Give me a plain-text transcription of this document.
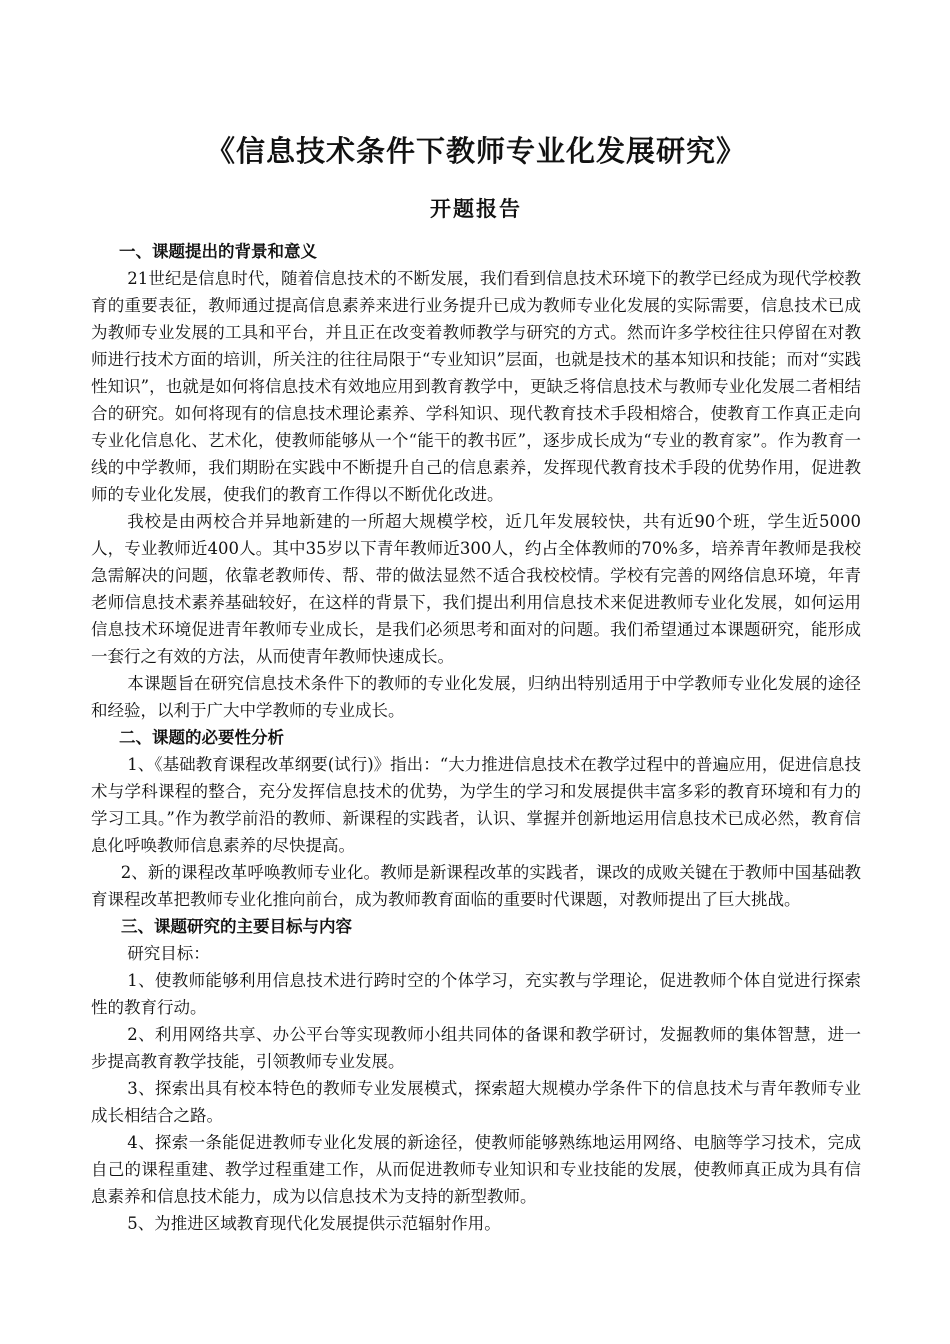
《信息技术条件下教师专业化发展研究》
开题报告
一、课题提出的背景和意义

21世纪是信息时代，随着信息技术的不断发展，我们看到信息技术环境下的教学已经成为现代学校教育的重要表征，教师通过提高信息素养来进行业务提升已成为教师专业化发展的实际需要，信息技术已成为教师专业发展的工具和平台，并且正在改变着教师教学与研究的方式。然而许多学校往往只停留在对教师进行技术方面的培训，所关注的往往局限于“专业知识”层面，也就是技术的基本知识和技能；而对“实践性知识”，也就是如何将信息技术有效地应用到教育教学中，更缺乏将信息技术与教师专业化发展二者相结合的研究。如何将现有的信息技术理论素养、学科知识、现代教育技术手段相熔合，使教育工作真正走向专业化信息化、艺术化，使教师能够从一个“能干的教书匠”，逐步成长成为“专业的教育家”。作为教育一线的中学教师，我们期盼在实践中不断提升自己的信息素养，发挥现代教育技术手段的优势作用，促进教师的专业化发展，使我们的教育工作得以不断优化改进。

我校是由两校合并异地新建的一所超大规模学校，近几年发展较快，共有近90个班，学生近5000人，专业教师近400人。其中35岁以下青年教师近300人，约占全体教师的70%多，培养青年教师是我校急需解决的问题，依靠老教师传、帮、带的做法显然不适合我校校情。学校有完善的网络信息环境，年青老师信息技术素养基础较好，在这样的背景下，我们提出利用信息技术来促进教师专业化发展，如何运用信息技术环境促进青年教师专业成长，是我们必须思考和面对的问题。我们希望通过本课题研究，能形成一套行之有效的方法，从而使青年教师快速成长。

本课题旨在研究信息技术条件下的教师的专业化发展，归纳出特别适用于中学教师专业化发展的途径和经验，以利于广大中学教师的专业成长。

二、课题的必要性分析

1、《基础教育课程改革纲要(试行)》指出：“大力推进信息技术在教学过程中的普遍应用，促进信息技术与学科课程的整合，充分发挥信息技术的优势，为学生的学习和发展提供丰富多彩的教育环境和有力的学习工具。”作为教学前沿的教师、新课程的实践者，认识、掌握并创新地运用信息技术已成必然，教育信息化呼唤教师信息素养的尽快提高。

2、新的课程改革呼唤教师专业化。教师是新课程改革的实践者，课改的成败关键在于教师中国基础教育课程改革把教师专业化推向前台，成为教师教育面临的重要时代课题，对教师提出了巨大挑战。

三、课题研究的主要目标与内容

研究目标：

1、使教师能够利用信息技术进行跨时空的个体学习，充实教与学理论，促进教师个体自觉进行探索性的教育行动。

2、利用网络共享、办公平台等实现教师小组共同体的备课和教学研讨，发掘教师的集体智慧，进一步提高教育教学技能，引领教师专业发展。

3、探索出具有校本特色的教师专业发展模式，探索超大规模办学条件下的信息技术与青年教师专业成长相结合之路。

4、探索一条能促进教师专业化发展的新途径，使教师能够熟练地运用网络、电脑等学习技术，完成自己的课程重建、教学过程重建工作，从而促进教师专业知识和专业技能的发展，使教师真正成为具有信息素养和信息技术能力，成为以信息技术为支持的新型教师。

5、为推进区域教育现代化发展提供示范辐射作用。
